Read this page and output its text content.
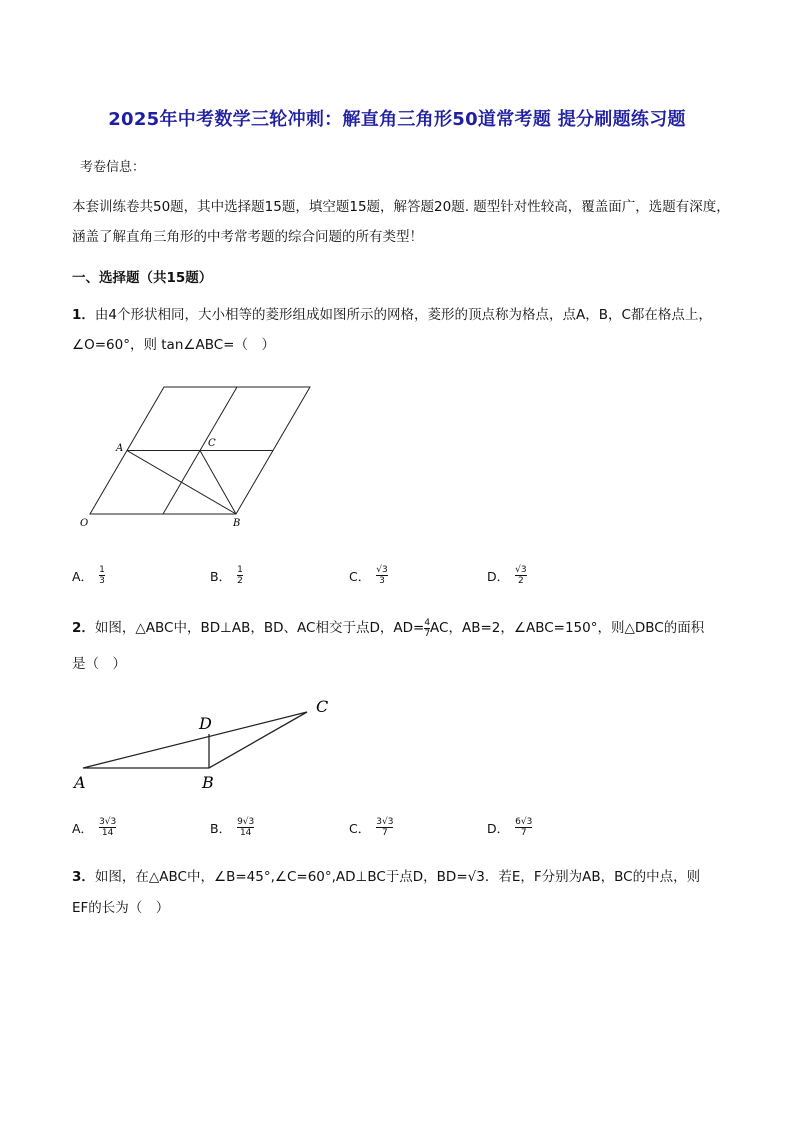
2025年中考数学三轮冲刺：解直角三角形50道常考题 提分刷题练习题
考卷信息：
本套训练卷共50题，其中选择题15题，填空题15题，解答题20题. 题型针对性较高，覆盖面广，选题有深度，涵盖了解直角三角形的中考常考题的综合问题的所有类型！
一、选择题（共15题）
1．由4个形状相同，大小相等的菱形组成如图所示的网格，菱形的顶点称为格点，点A，B，C都在格点上，
∠O=60°，则 tan∠ABC=（　）
A	C
O	B
A． $\frac{1}{3}$	B． $\frac{1}{2}$	C． $\frac{√3}{3}$	D． $\frac{√3}{2}$
2．如图，△ABC中，BD⊥AB，BD、AC相交于点D，$AD= \frac{4}{7}$ AC，AB=2，∠ABC=150°，则△DBC的面积
是（　）
A	B
C
D
A． $\frac{3√3}{14}$	B． $\frac{9√3}{14}$	C． $\frac{3√3}{7}$	D． $\frac{6√3}{7}$
3．如图，在△ABC中，∠B=45°,∠C=60°,AD⊥BC于点D，BD=√3．若E，F分别为AB，BC的中点，则
EF的长为（　）
